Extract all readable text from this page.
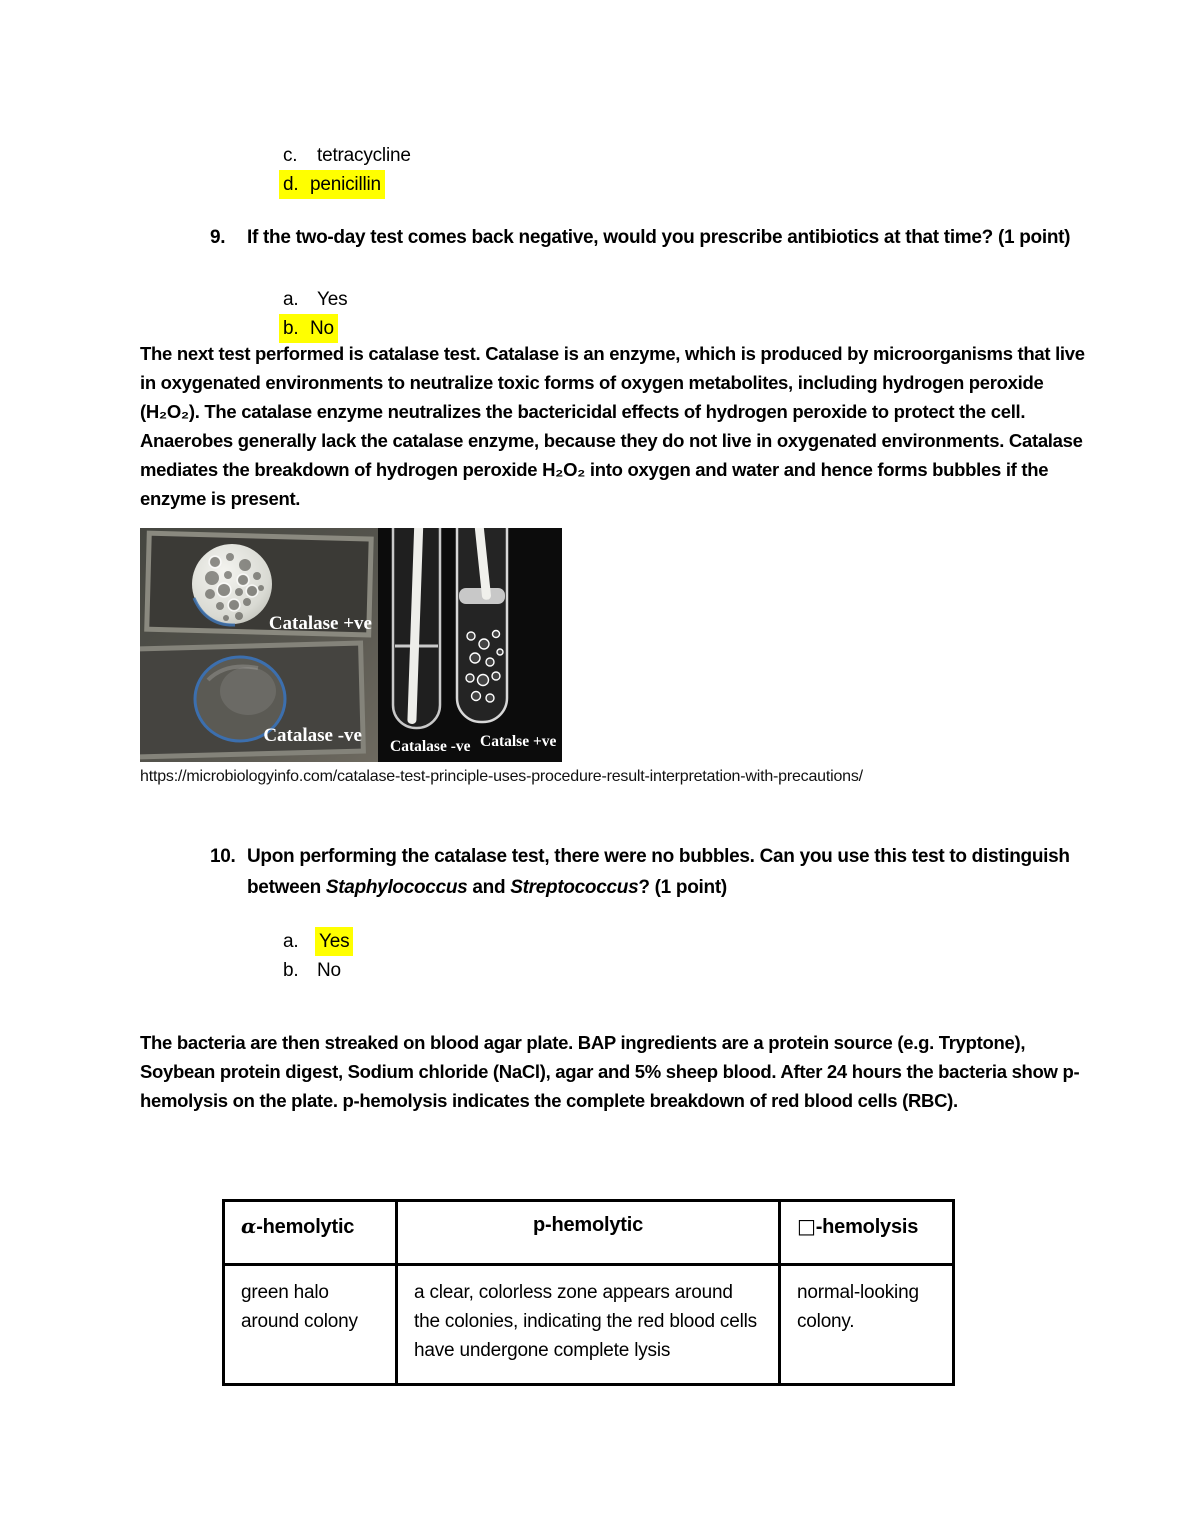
c.	tetracycline
d. penicillin
9.	If the two-day test comes back negative, would you prescribe antibiotics at that time? (1 point)
a. Yes
b. No
The next test performed is catalase test. Catalase is an enzyme, which is produced by microorganisms that live in oxygenated environments to neutralize toxic forms of oxygen metabolites, including hydrogen peroxide (H₂O₂). The catalase enzyme neutralizes the bactericidal effects of hydrogen peroxide to protect the cell. Anaerobes generally lack the catalase enzyme, because they do not live in oxygenated environments. Catalase mediates the breakdown of hydrogen peroxide H₂O₂ into oxygen and water and hence forms bubbles if the enzyme is present.
Catalase +ve
Catalase -ve
Catalase -ve Catalse +ve
https://microbiologyinfo.com/catalase-test-principle-uses-procedure-result-interpretation-with-precautions/
10. Upon performing the catalase test, there were no bubbles. Can you use this test to distinguish between Staphylococcus and Streptococcus? (1 point)
a.	Yes
b. No
The bacteria are then streaked on blood agar plate. BAP ingredients are a protein source (e.g. Tryptone), Soybean protein digest, Sodium chloride (NaCl), agar and 5% sheep blood. After 24 hours the bacteria show p-hemolysis on the plate. p-hemolysis indicates the complete breakdown of red blood cells (RBC).
α-hemolytic	p-hemolytic	□-hemolysis
green halo around colony	a clear, colorless zone appears around the colonies, indicating the red blood cells have undergone complete lysis	normal-looking colony.
